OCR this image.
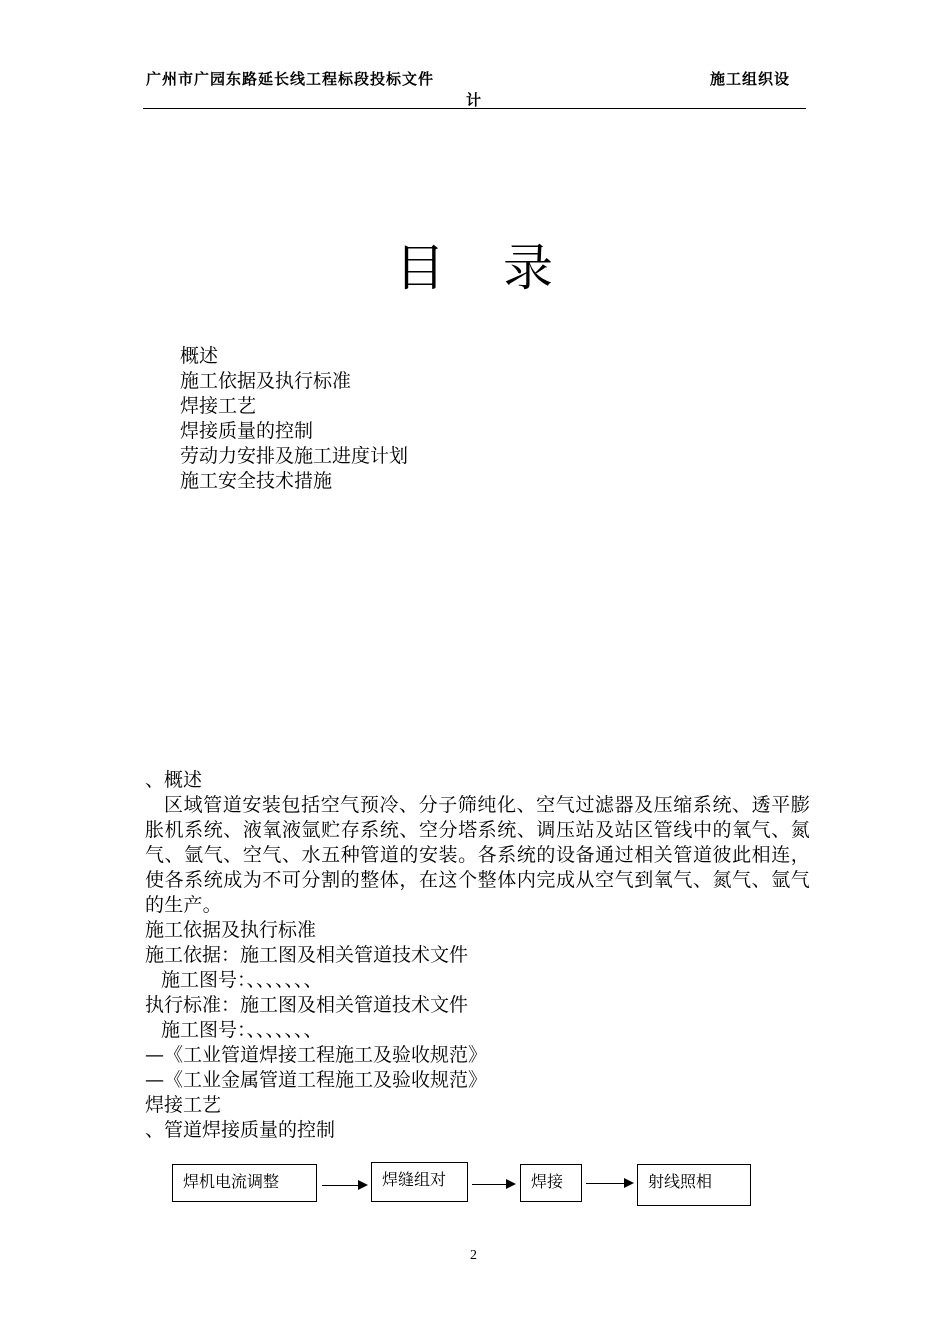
广州市广园东路延长线工程标段投标文件	施工组织设
计
目录
概述
施工依据及执行标准
焊接工艺
焊接质量的控制
劳动力安排及施工进度计划
施工安全技术措施

、概述

区域管道安装包括空气预冷、分子筛纯化、空气过滤器及压缩系统、透平膨胀机系统、液氧液氩贮存系统、空分塔系统、调压站及站区管线中的氧气、氮气、氩气、空气、水五种管道的安装。各系统的设备通过相关管道彼此相连，使各系统成为不可分割的整体，在这个整体内完成从空气到氧气、氮气、氩气的生产。

施工依据及执行标准

施工依据：施工图及相关管道技术文件

施工图号：、、、、、、、

执行标准：施工图及相关管道技术文件

施工图号：、、、、、、、

—《工业管道焊接工程施工及验收规范》

—《工业金属管道工程施工及验收规范》

焊接工艺

、管道焊接质量的控制

焊机电流调整	焊缝组对	焊接	射线照相
2
